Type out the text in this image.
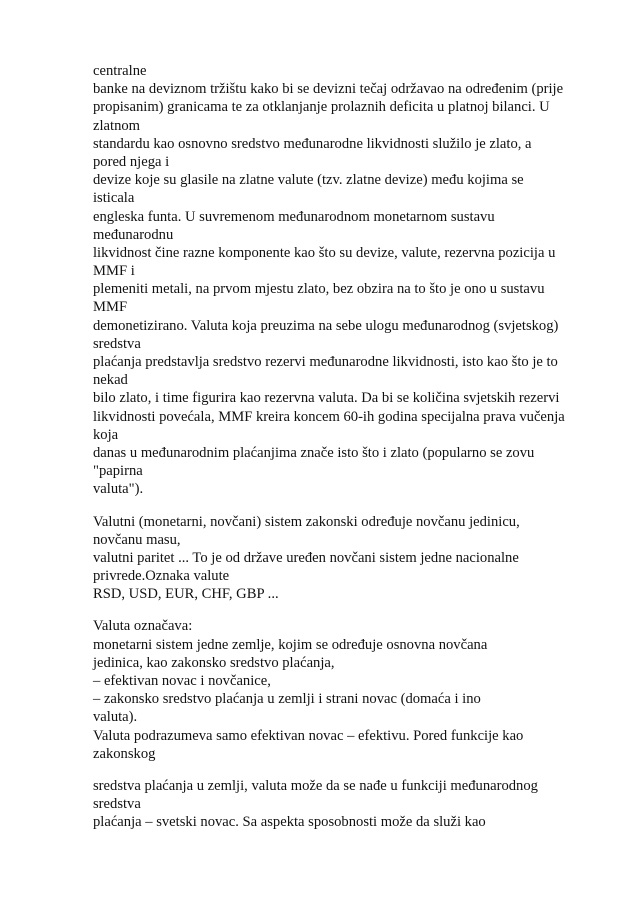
centralne
banke na deviznom tržištu kako bi se devizni tečaj održavao na određenim (prije
propisanim) granicama te za otklanjanje prolaznih deficita u platnoj bilanci. U
zlatnom
standardu kao osnovno sredstvo međunarodne likvidnosti služilo je zlato, a
pored njega i
devize koje su glasile na zlatne valute (tzv. zlatne devize) među kojima se
isticala
engleska funta. U suvremenom međunarodnom monetarnom sustavu
međunarodnu
likvidnost čine razne komponente kao što su devize, valute, rezervna pozicija u
MMF i
plemeniti metali, na prvom mjestu zlato, bez obzira na to što je ono u sustavu
MMF
demonetizirano. Valuta koja preuzima na sebe ulogu međunarodnog (svjetskog)
sredstva
plaćanja predstavlja sredstvo rezervi međunarodne likvidnosti, isto kao što je to
nekad
bilo zlato, i time figurira kao rezervna valuta. Da bi se količina svjetskih rezervi
likvidnosti povećala, MMF kreira koncem 60-ih godina specijalna prava vučenja
koja
danas u međunarodnim plaćanjima znače isto što i zlato (popularno se zovu
"papirna
valuta").
Valutni (monetarni, novčani) sistem zakonski određuje novčanu jedinicu,
novčanu masu,
valutni paritet ... To je od države uređen novčani sistem jedne nacionalne
privrede.Oznaka valute
RSD, USD, EUR, CHF, GBP ...
Valuta označava:
monetarni sistem jedne zemlje, kojim se određuje osnovna novčana
jedinica, kao zakonsko sredstvo plaćanja,
– efektivan novac i novčanice,
– zakonsko sredstvo plaćanja u zemlji i strani novac (domaća i ino
valuta).
Valuta podrazumeva samo efektivan novac – efektivu. Pored funkcije kao
zakonskog
sredstva plaćanja u zemlji, valuta može da se nađe u funkciji međunarodnog
sredstva
plaćanja – svetski novac. Sa aspekta sposobnosti može da služi kao
